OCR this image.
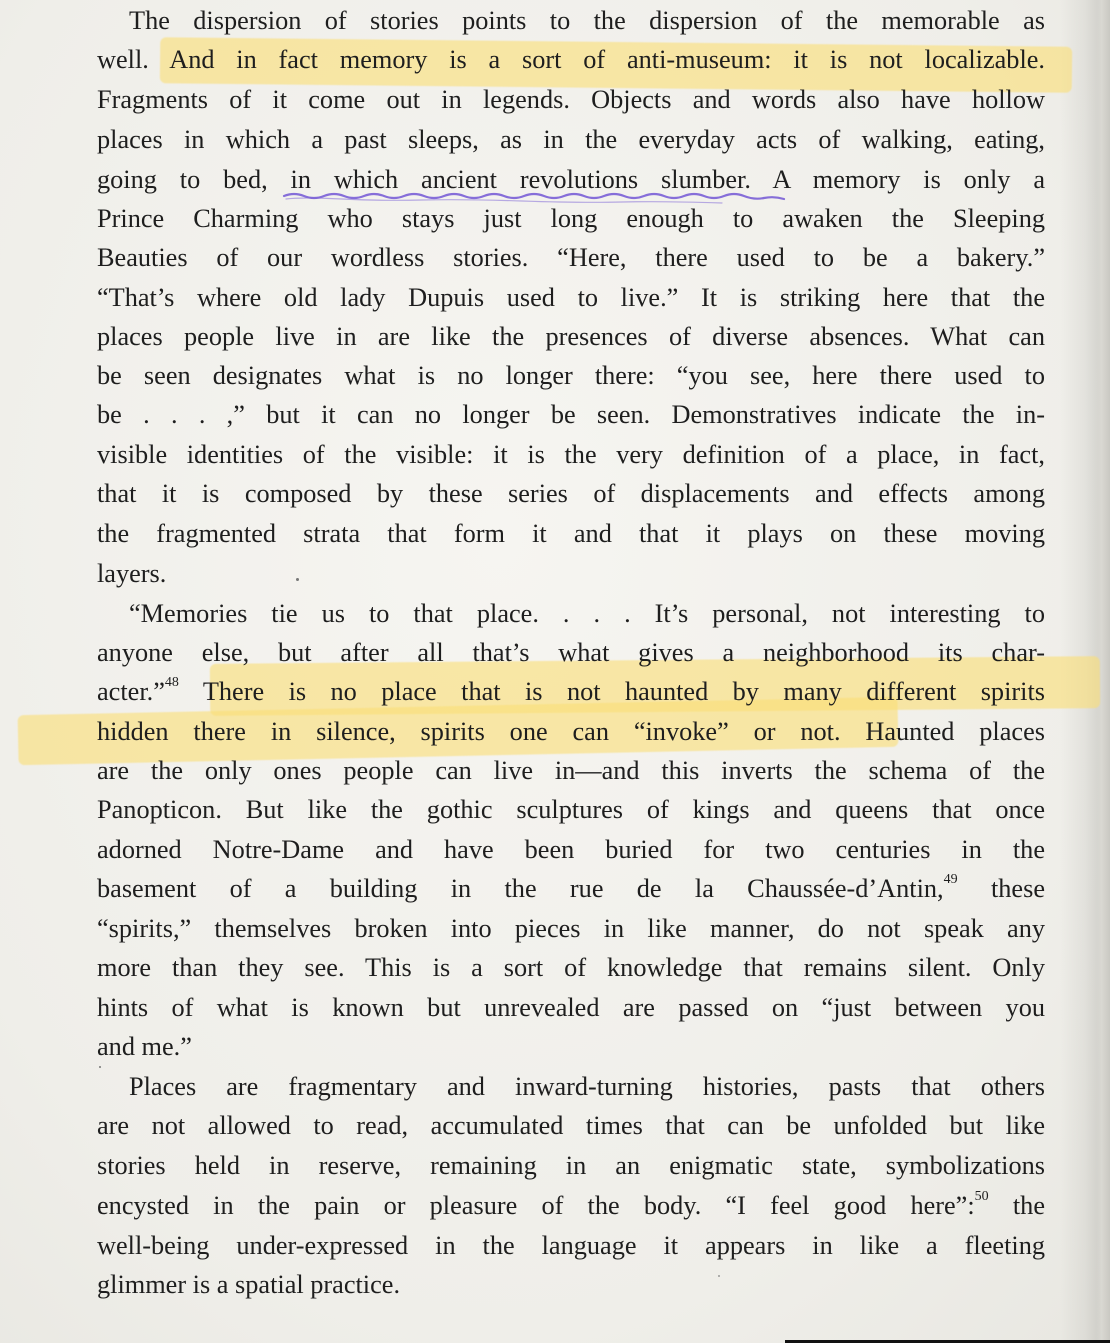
The dispersion of stories points to the dispersion of the memorable as
well. And in fact memory is a sort of anti-museum: it is not localizable.
Fragments of it come out in legends. Objects and words also have hollow
places in which a past sleeps, as in the everyday acts of walking, eating,
going to bed, in which ancient revolutions slumber. A memory is only a
Prince Charming who stays just long enough to awaken the Sleeping
Beauties of our wordless stories. “Here, there used to be a bakery.”
“That’s where old lady Dupuis used to live.” It is striking here that the
places people live in are like the presences of diverse absences. What can
be seen designates what is no longer there: “you see, here there used to
be . . . ,” but it can no longer be seen. Demonstratives indicate the in-
visible identities of the visible: it is the very definition of a place, in fact,
that it is composed by these series of displacements and effects among
the fragmented strata that form it and that it plays on these moving
layers.
“Memories tie us to that place. . . . It’s personal, not interesting to
anyone else, but after all that’s what gives a neighborhood its char-
acter.”$^{48}$ There is no place that is not haunted by many different spirits
hidden there in silence, spirits one can “invoke” or not. Haunted places
are the only ones people can live in—and this inverts the schema of the
Panopticon. But like the gothic sculptures of kings and queens that once
adorned Notre-Dame and have been buried for two centuries in the
basement of a building in the rue de la Chaussée-d’Antin,$^{49}$ these
“spirits,” themselves broken into pieces in like manner, do not speak any
more than they see. This is a sort of knowledge that remains silent. Only
hints of what is known but unrevealed are passed on “just between you
and me.”
Places are fragmentary and inward-turning histories, pasts that others
are not allowed to read, accumulated times that can be unfolded but like
stories held in reserve, remaining in an enigmatic state, symbolizations
encysted in the pain or pleasure of the body. “I feel good here”:$^{50}$ the
well-being under-expressed in the language it appears in like a fleeting
glimmer is a spatial practice.
